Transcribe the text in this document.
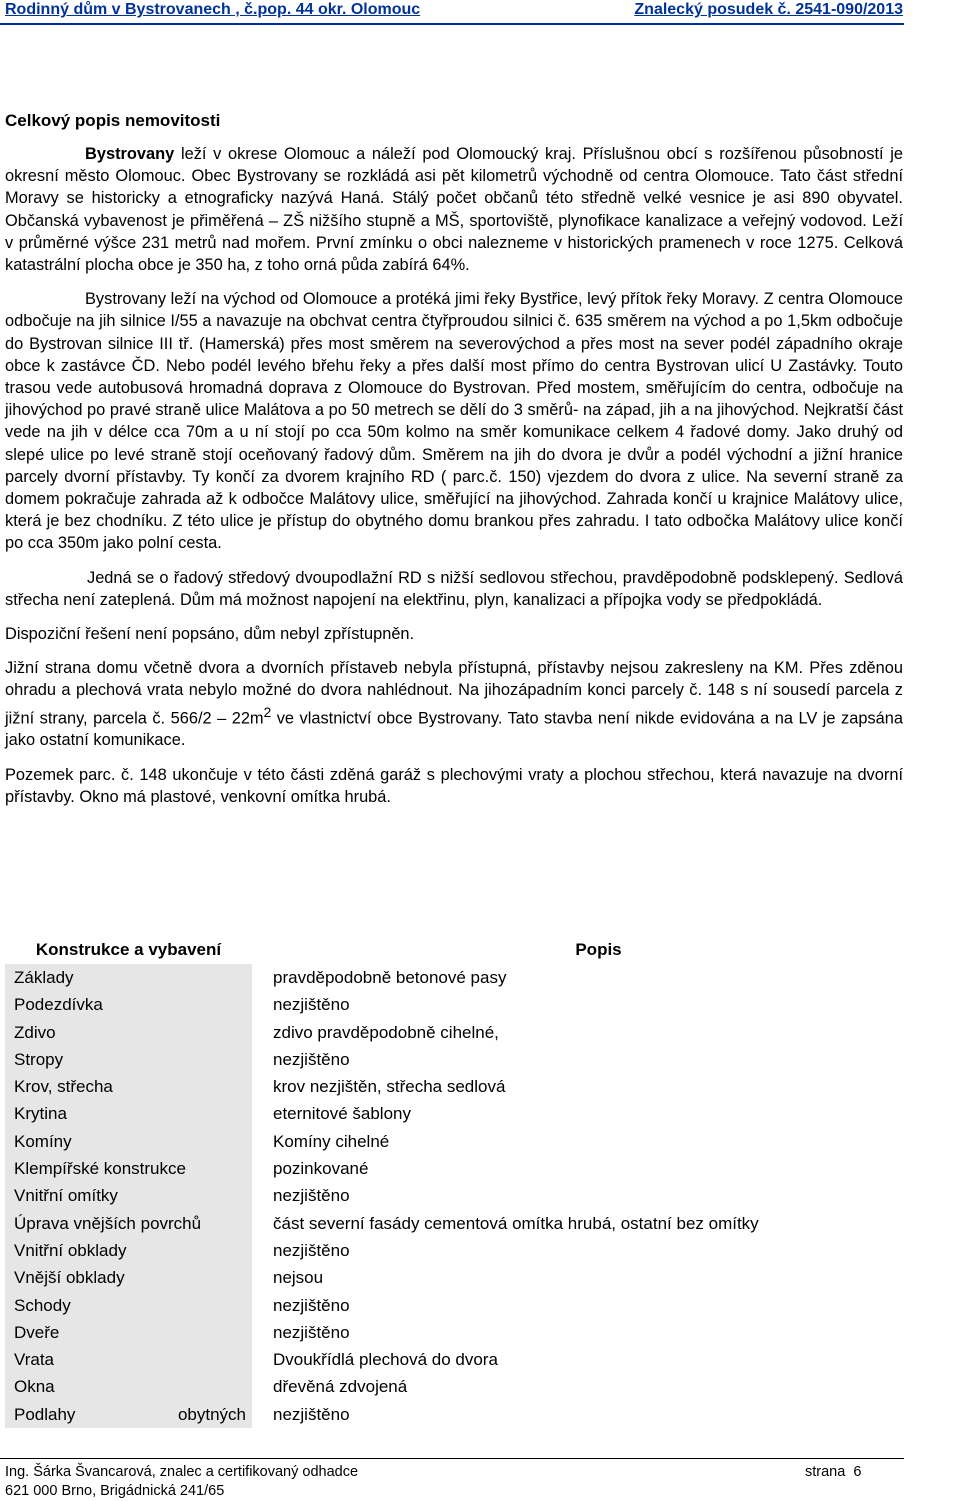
Rodinný dům v Bystrovanech , č.pop. 44 okr. Olomouc	Znalecký posudek č. 2541-090/2013
Celkový popis nemovitosti

Bystrovany leží v okrese Olomouc a náleží pod Olomoucký kraj. Příslušnou obcí s rozšířenou působností je okresní město Olomouc. Obec Bystrovany se rozkládá asi pět kilometrů východně od centra Olomouce. Tato část střední Moravy se historicky a etnograficky nazývá Haná. Stálý počet občanů této středně velké vesnice je asi 890 obyvatel. Občanská vybavenost je přiměřená – ZŠ nižšího stupně a MŠ, sportoviště, plynofikace kanalizace a veřejný vodovod. Leží v průměrné výšce 231 metrů nad mořem. První zmínku o obci nalezneme v historických pramenech v roce 1275. Celková katastrální plocha obce je 350 ha, z toho orná půda zabírá 64%.

Bystrovany leží na východ od Olomouce a protéká jimi řeky Bystřice, levý přítok řeky Moravy. Z centra Olomouce odbočuje na jih silnice I/55 a navazuje na obchvat centra čtyřproudou silnici č. 635 směrem na východ a po 1,5km odbočuje do Bystrovan silnice III tř. (Hamerská) přes most směrem na severovýchod a přes most na sever podél západního okraje obce k zastávce ČD. Nebo podél levého břehu řeky a přes další most přímo do centra Bystrovan ulicí U Zastávky. Touto trasou vede autobusová hromadná doprava z Olomouce do Bystrovan. Před mostem, směřujícím do centra, odbočuje na jihovýchod po pravé straně ulice Malátova a po 50 metrech se dělí do 3 směrů- na západ, jih a na jihovýchod. Nejkratší část vede na jih v délce cca 70m a u ní stojí po cca 50m kolmo na směr komunikace celkem 4 řadové domy. Jako druhý od slepé ulice po levé straně stojí oceňovaný řadový dům. Směrem na jih do dvora je dvůr a podél východní a jižní hranice parcely dvorní přístavby. Ty končí za dvorem krajního RD ( parc.č. 150) vjezdem do dvora z ulice. Na severní straně za domem pokračuje zahrada až k odbočce Malátovy ulice, směřující na jihovýchod. Zahrada končí u krajnice Malátovy ulice, která je bez chodníku. Z této ulice je přístup do obytného domu brankou přes zahradu. I tato odbočka Malátovy ulice končí po cca 350m jako polní cesta.

Jedná se o řadový středový dvoupodlažní RD s nižší sedlovou střechou, pravděpodobně podsklepený. Sedlová střecha není zateplená. Dům má možnost napojení na elektřinu, plyn, kanalizaci a přípojka vody se předpokládá.

Dispoziční řešení není popsáno, dům nebyl zpřístupněn.

Jižní strana domu včetně dvora a dvorních přístaveb nebyla přístupná, přístavby nejsou zakresleny na KM. Přes zděnou ohradu a plechová vrata nebylo možné do dvora nahlédnout. Na jihozápadním konci parcely č. 148 s ní sousedí parcela z jižní strany, parcela č. $566/2 - 22m^2$ ve vlastnictví obce Bystrovany. Tato stavba není nikde evidována a na LV je zapsána jako ostatní komunikace.

Pozemek parc. č. 148 ukončuje v této části zděná garáž s plechovými vraty a plochou střechou, která navazuje na dvorní přístavby. Okno má plastové, venkovní omítka hrubá.

Konstrukce a vybavení	Popis
Základy	pravděpodobně betonové pasy
Podezdívka	nezjištěno
Zdivo	zdivo pravděpodobně cihelné,
Stropy	nezjištěno
Krov, střecha	krov nezjištěn, střecha sedlová
Krytina	eternitové šablony
Komíny	Komíny cihelné
Klempířské konstrukce	pozinkované
Vnitřní omítky	nezjištěno
Úprava vnějších povrchů	část severní fasády cementová omítka hrubá, ostatní bez omítky
Vnitřní obklady	nezjištěno
Vnější obklady	nejsou
Schody	nezjištěno
Dveře	nezjištěno
Vrata	Dvoukřídlá plechová do dvora
Okna	dřevěná zdvojená

Podlahy obytných	nezjištěno
Ing. Šárka Švancarová, znalec a certifikovaný odhadce
621 000 Brno, Brigádnická 241/65
strana 6
